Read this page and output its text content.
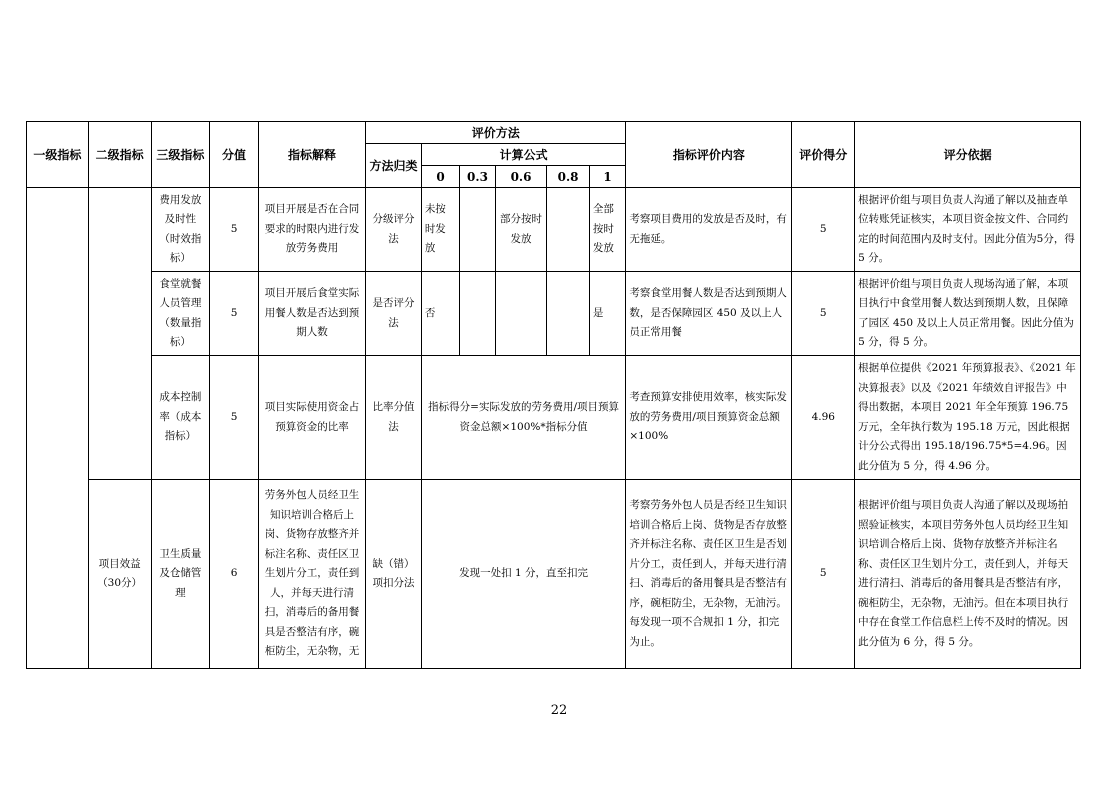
一级指标	二级指标	三级指标	分值	指标解释	评价方法						指标评价内容	评价得分	评分依据
					方法归类	计算公式							
						0	0.3	0.6	0.8	1			
		费用发放及时性（时效指标）	5	项目开展是否在合同要求的时限内进行发放劳务费用	分级评分法	未按时发放		部分按时发放		全部按时发放	考察项目费用的发放是否及时，有无拖延。	5	根据评价组与项目负责人沟通了解以及抽查单位转账凭证核实，本项目资金按文件、合同约定的时间范围内及时支付。因此分值为5分，得 5 分。
		食堂就餐人员管理（数量指标）	5	项目开展后食堂实际用餐人数是否达到预期人数	是否评分法	否				是	考察食堂用餐人数是否达到预期人数，是否保障园区 450 及以上人员正常用餐	5	根据评价组与项目负责人现场沟通了解，本项目执行中食堂用餐人数达到预期人数，且保障了园区 450 及以上人员正常用餐。因此分值为 5 分，得 5 分。
		成本控制率（成本指标）	5	项目实际使用资金占预算资金的比率	比率分值法	指标得分=实际发放的劳务费用/项目预算资金总额×100%*指标分值					考查预算安排使用效率，核实际发放的劳务费用/项目预算资金总额×100%	4.96	根据单位提供《2021 年预算报表》、《2021 年决算报表》以及《2021 年绩效自评报告》中得出数据，本项目 2021 年全年预算 196.75 万元，全年执行数为 195.18 万元，因此根据计分公式得出 195.18/196.75*5=4.96。因此分值为 5 分，得 4.96 分。
	项目效益（30分）	卫生质量及仓储管理	6	劳务外包人员经卫生知识培训合格后上岗、货物存放整齐并标注名称、责任区卫生划片分工，责任到人，并每天进行清扫，消毒后的备用餐具是否整洁有序，碗柜防尘，无杂物，无	缺（错）项扣分法	发现一处扣 1 分，直至扣完					考察劳务外包人员是否经卫生知识培训合格后上岗、货物是否存放整齐并标注名称、责任区卫生是否划片分工，责任到人，并每天进行清扫、消毒后的备用餐具是否整洁有序，碗柜防尘，无杂物，无油污。每发现一项不合规扣 1 分，扣完为止。	5	根据评价组与项目负责人沟通了解以及现场拍照验证核实，本项目劳务外包人员均经卫生知识培训合格后上岗、货物存放整齐并标注名称、责任区卫生划片分工，责任到人，并每天进行清扫、消毒后的备用餐具是否整洁有序，碗柜防尘，无杂物，无油污。但在本项目执行中存在食堂工作信息栏上传不及时的情况。因此分值为 6 分，得 5 分。
22
